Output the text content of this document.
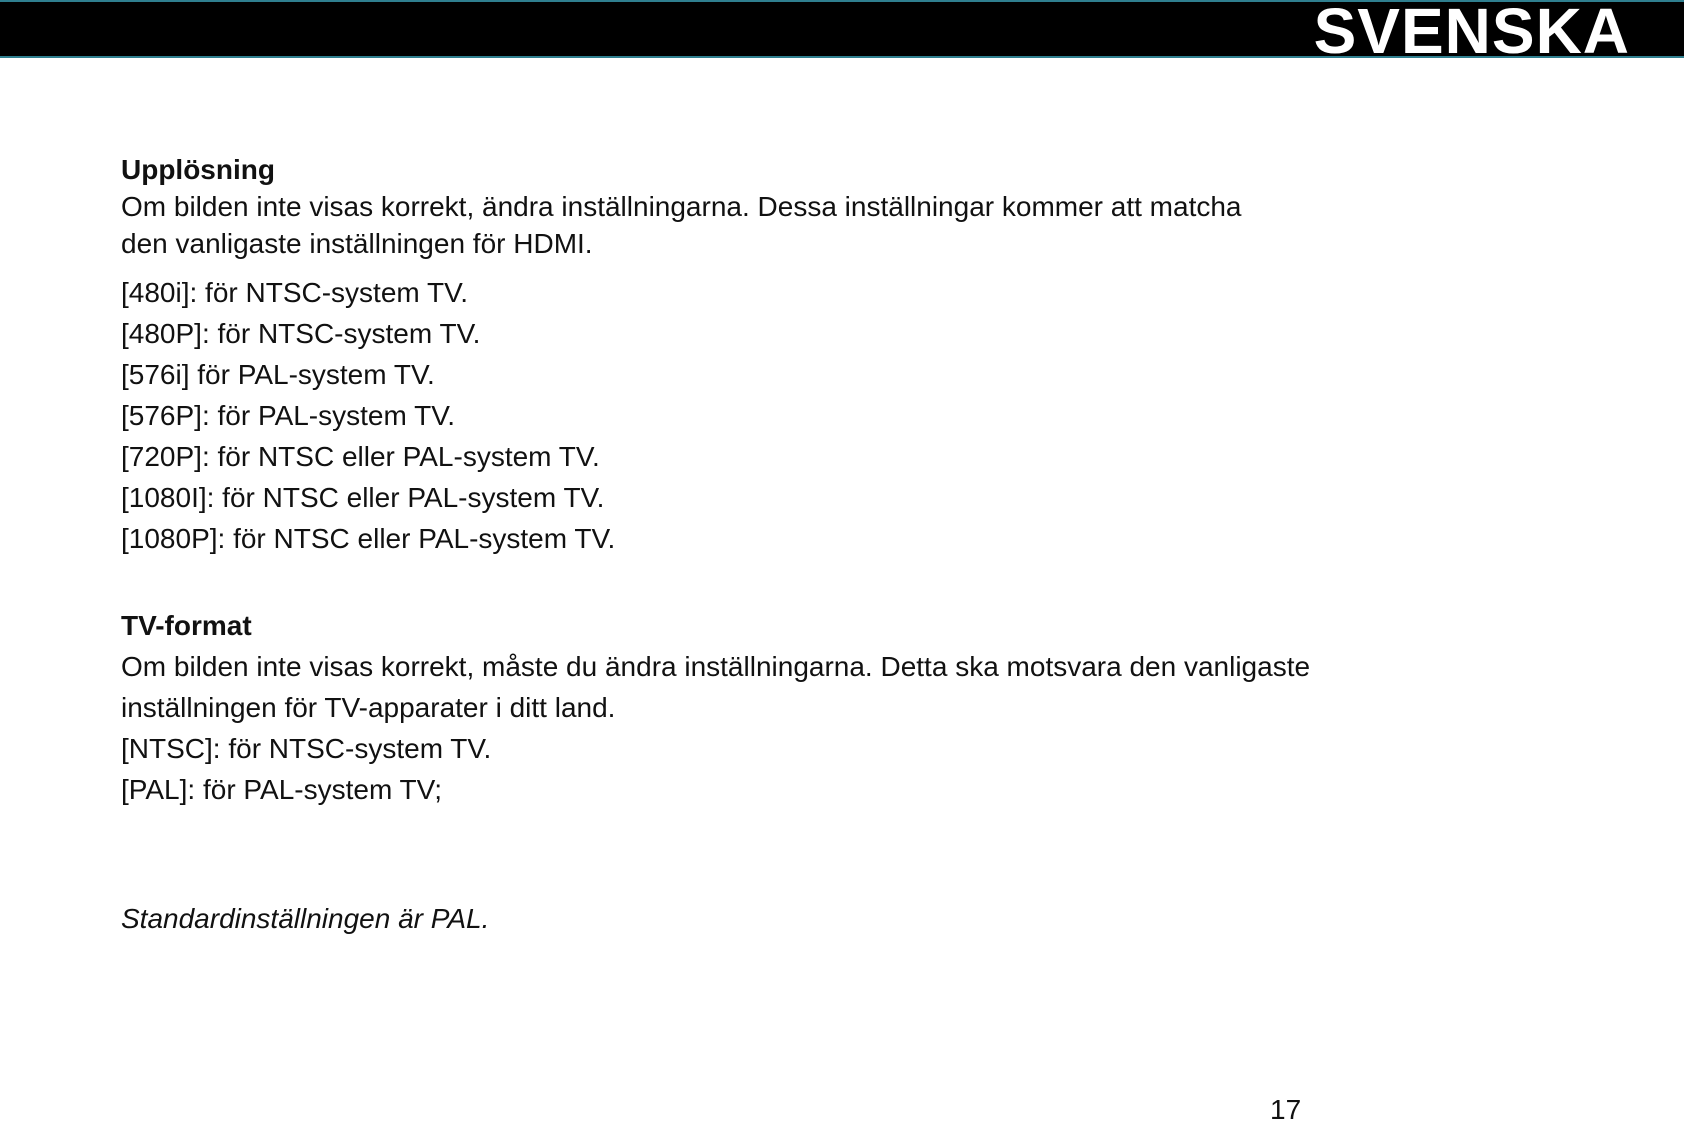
SVENSKA
Upplösning

Om bilden inte visas korrekt, ändra inställningarna. Dessa inställningar kommer att matcha den vanligaste inställningen för HDMI.

[480i]: för NTSC-system TV.
[480P]: för NTSC-system TV.
[576i] för PAL-system TV.
[576P]: för PAL-system TV.
[720P]: för NTSC eller PAL-system TV.
[1080I]: för NTSC eller PAL-system TV.
[1080P]: för NTSC eller PAL-system TV.
TV-format

Om bilden inte visas korrekt, måste du ändra inställningarna. Detta ska motsvara den vanligaste inställningen för TV-apparater i ditt land.

[NTSC]: för NTSC-system TV.
[PAL]: för PAL-system TV;

Standardinställningen är PAL.

17
